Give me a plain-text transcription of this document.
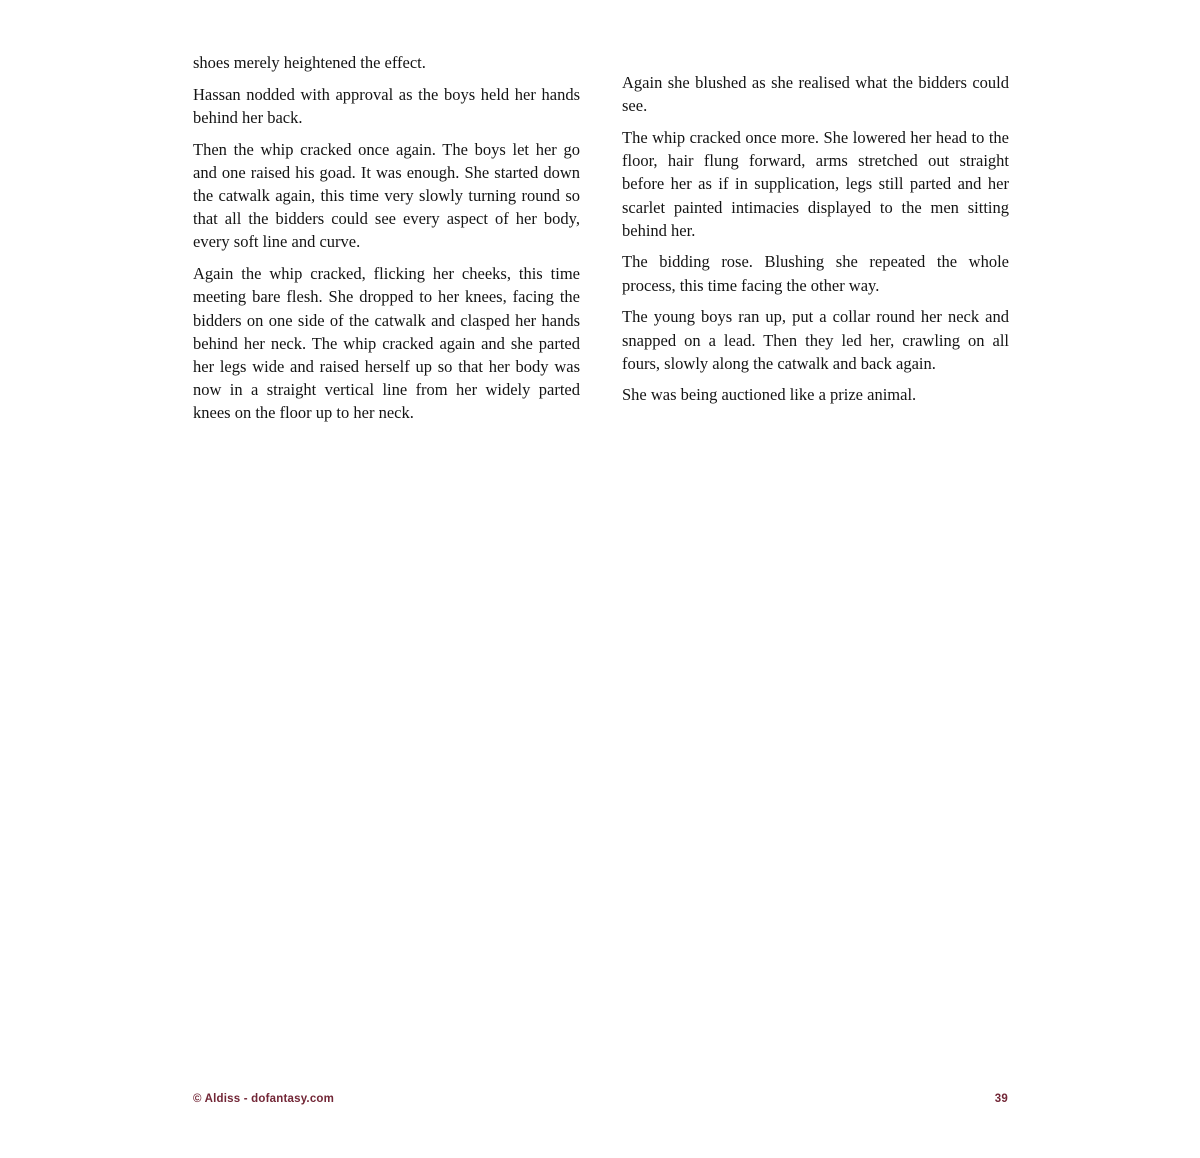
shoes merely heightened the effect.

Hassan nodded with approval as the boys held her hands behind her back.

Then the whip cracked once again. The boys let her go and one raised his goad. It was enough. She started down the catwalk again, this time very slowly turning round so that all the bidders could see every aspect of her body, every soft line and curve.

Again the whip cracked, flicking her cheeks, this time meeting bare flesh. She dropped to her knees, facing the bidders on one side of the catwalk and clasped her hands behind her neck. The whip cracked again and she parted her legs wide and raised herself up so that her body was now in a straight vertical line from her widely parted knees on the floor up to her neck.

Again she blushed as she realised what the bidders could see.

The whip cracked once more. She lowered her head to the floor, hair flung forward, arms stretched out straight before her as if in supplication, legs still parted and her scarlet painted intimacies displayed to the men sitting behind her.

The bidding rose. Blushing she repeated the whole process, this time facing the other way.

The young boys ran up, put a collar round her neck and snapped on a lead. Then they led her, crawling on all fours, slowly along the catwalk and back again.

She was being auctioned like a prize animal.

© Aldiss - dofantasy.com	39
